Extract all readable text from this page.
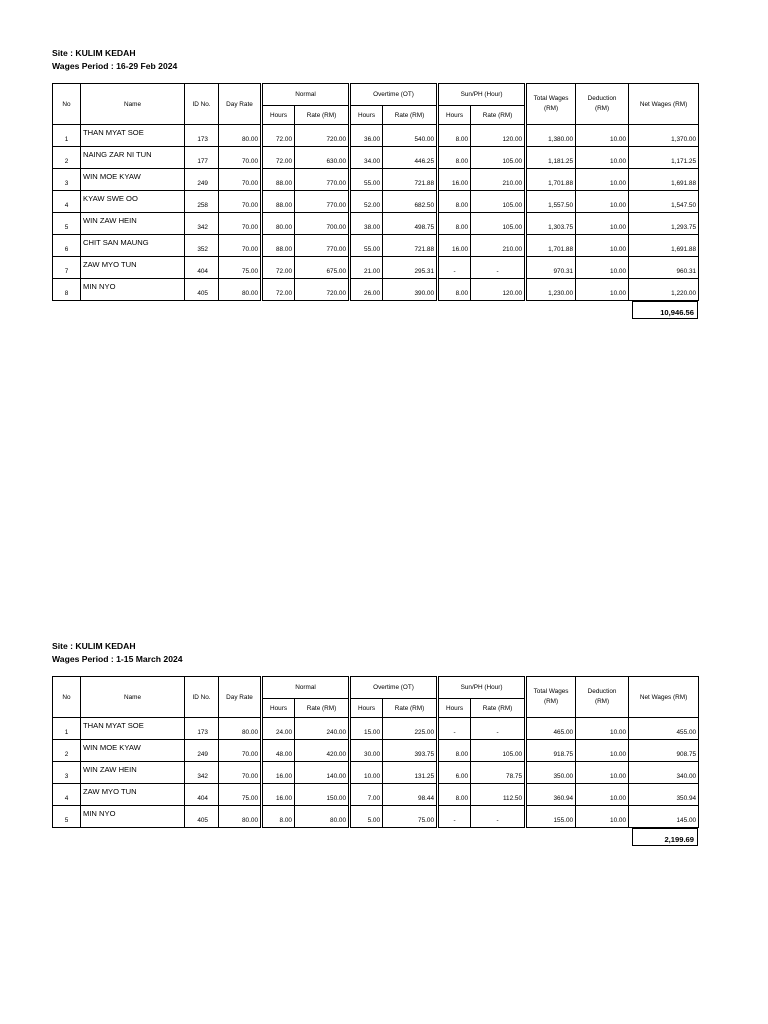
Site : KULIM KEDAH
Wages Period : 16-29 Feb 2024
No	Name	ID No.	Day Rate	Normal		Overtime (OT)		Sun/PH (Hour)		Total Wages (RM)	Deduction (RM)	Net Wages (RM)
				Hours	Rate (RM)	Hours	Rate (RM)	Hours	Rate (RM)			
1	THAN MYAT SOE	173	80.00	72.00	720.00	36.00	540.00	8.00	120.00	1,380.00	10.00	1,370.00
2	NAING ZAR NI TUN	177	70.00	72.00	630.00	34.00	446.25	8.00	105.00	1,181.25	10.00	1,171.25
3	WIN MOE KYAW	249	70.00	88.00	770.00	55.00	721.88	16.00	210.00	1,701.88	10.00	1,691.88
4	KYAW SWE OO	258	70.00	88.00	770.00	52.00	682.50	8.00	105.00	1,557.50	10.00	1,547.50
5	WIN ZAW HEIN	342	70.00	80.00	700.00	38.00	498.75	8.00	105.00	1,303.75	10.00	1,293.75
6	CHIT SAN MAUNG	352	70.00	88.00	770.00	55.00	721.88	16.00	210.00	1,701.88	10.00	1,691.88
7	ZAW MYO TUN	404	75.00	72.00	675.00	21.00	295.31	-	-	970.31	10.00	960.31
8	MIN NYO	405	80.00	72.00	720.00	26.00	390.00	8.00	120.00	1,230.00	10.00	1,220.00
10,946.56
Site : KULIM KEDAH
Wages Period : 1-15 March 2024
No	Name	ID No.	Day Rate	Normal		Overtime (OT)		Sun/PH (Hour)		Total Wages (RM)	Deduction (RM)	Net Wages (RM)
				Hours	Rate (RM)	Hours	Rate (RM)	Hours	Rate (RM)			
1	THAN MYAT SOE	173	80.00	24.00	240.00	15.00	225.00	-	-	465.00	10.00	455.00
2	WIN MOE KYAW	249	70.00	48.00	420.00	30.00	393.75	8.00	105.00	918.75	10.00	908.75
3	WIN ZAW HEIN	342	70.00	16.00	140.00	10.00	131.25	6.00	78.75	350.00	10.00	340.00
4	ZAW MYO TUN	404	75.00	16.00	150.00	7.00	98.44	8.00	112.50	360.94	10.00	350.94
5	MIN NYO	405	80.00	8.00	80.00	5.00	75.00	-	-	155.00	10.00	145.00
2,199.69
